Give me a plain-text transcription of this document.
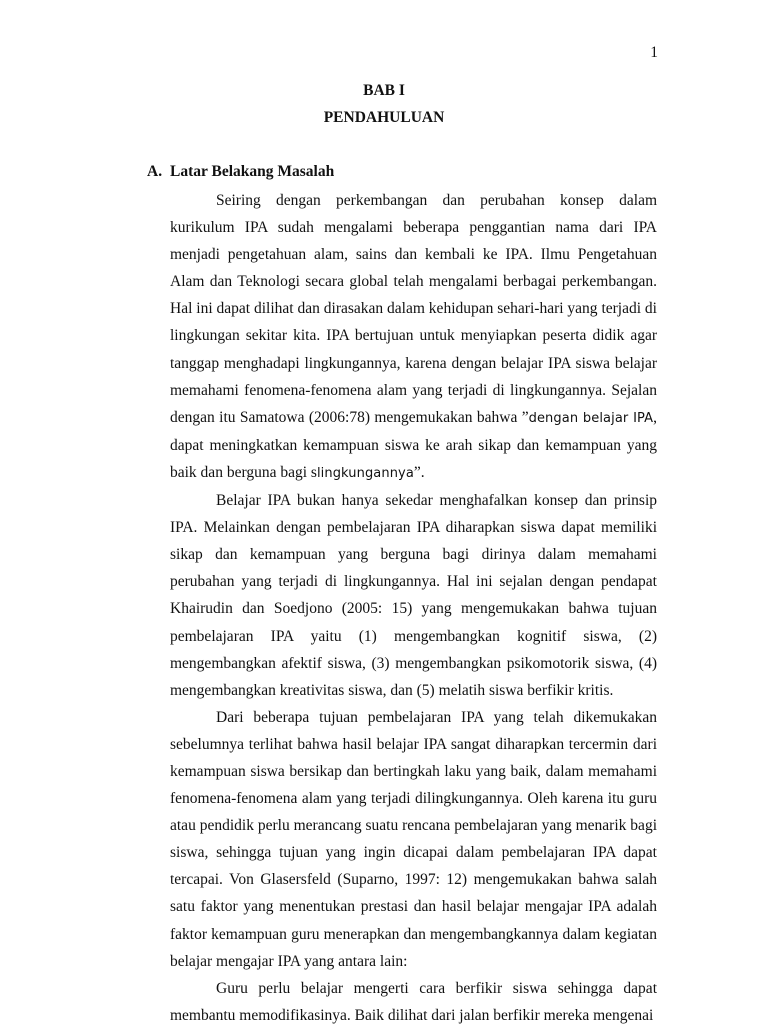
1
BAB I
PENDAHULUAN
A. Latar Belakang Masalah

Seiring dengan perkembangan dan perubahan konsep dalam kurikulum IPA sudah mengalami beberapa penggantian nama dari IPA menjadi pengetahuan alam, sains dan kembali ke IPA. Ilmu Pengetahuan Alam dan Teknologi secara global telah mengalami berbagai perkembangan. Hal ini dapat dilihat dan dirasakan dalam kehidupan sehari-hari yang terjadi di lingkungan sekitar kita. IPA bertujuan untuk menyiapkan peserta didik agar tanggap menghadapi lingkungannya, karena dengan belajar IPA siswa belajar memahami fenomena-fenomena alam yang terjadi di lingkungannya. Sejalan dengan itu Samatowa (2006:78) mengemukakan bahwa ”dengan belajar IPA, dapat meningkatkan kemampuan siswa ke arah sikap dan kemampuan yang baik dan berguna bagi slingkungannya”.

Belajar IPA bukan hanya sekedar menghafalkan konsep dan prinsip IPA. Melainkan dengan pembelajaran IPA diharapkan siswa dapat memiliki sikap dan kemampuan yang berguna bagi dirinya dalam memahami perubahan yang terjadi di lingkungannya. Hal ini sejalan dengan pendapat Khairudin dan Soedjono (2005: 15) yang mengemukakan bahwa tujuan pembelajaran IPA yaitu (1) mengembangkan kognitif siswa, (2) mengembangkan afektif siswa, (3) mengembangkan psikomotorik siswa, (4) mengembangkan kreativitas siswa, dan (5) melatih siswa berfikir kritis.

Dari beberapa tujuan pembelajaran IPA yang telah dikemukakan sebelumnya terlihat bahwa hasil belajar IPA sangat diharapkan tercermin dari kemampuan siswa bersikap dan bertingkah laku yang baik, dalam memahami fenomena-fenomena alam yang terjadi dilingkungannya. Oleh karena itu guru atau pendidik perlu merancang suatu rencana pembelajaran yang menarik bagi siswa, sehingga tujuan yang ingin dicapai dalam pembelajaran IPA dapat tercapai. Von Glasersfeld (Suparno, 1997: 12) mengemukakan bahwa salah satu faktor yang menentukan prestasi dan hasil belajar mengajar IPA adalah faktor kemampuan guru menerapkan dan mengembangkannya dalam kegiatan belajar mengajar IPA yang antara lain:

Guru perlu belajar mengerti cara berfikir siswa sehingga dapat membantu memodifikasinya. Baik dilihat dari jalan berfikir mereka mengenai
